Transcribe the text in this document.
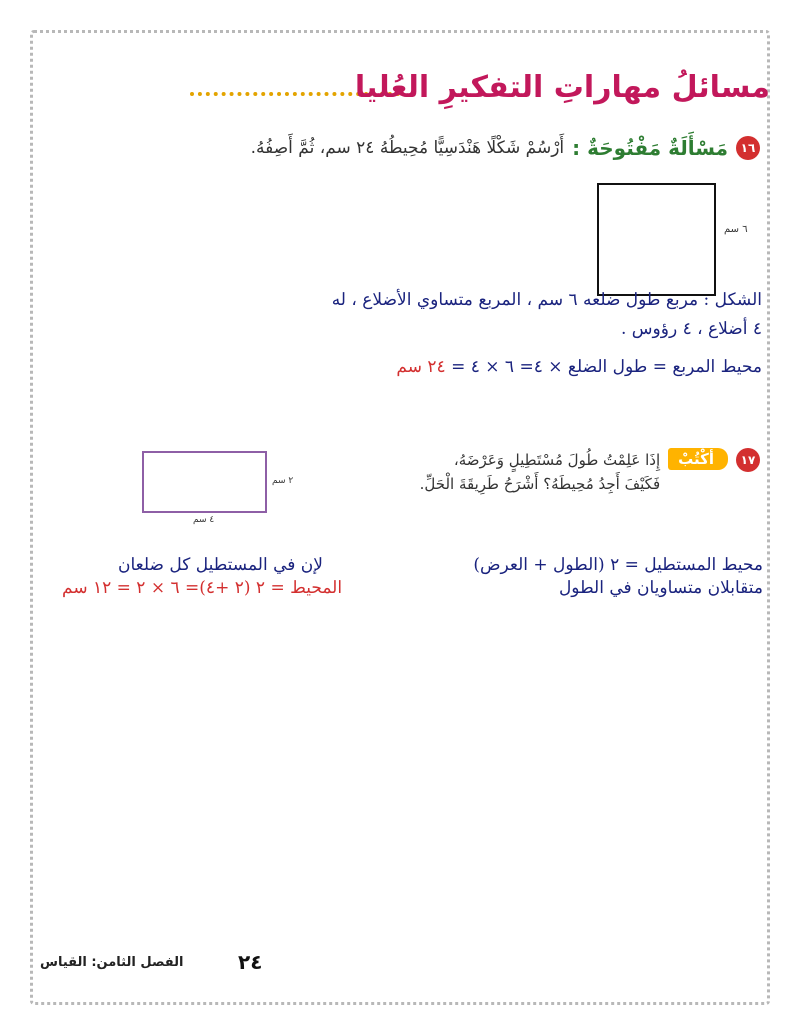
مسائلُ مهاراتِ التفكيرِ العُليا
١٦
مَسْأَلَةٌ مَفْتُوحَةٌ :
أَرْسُمْ شَكْلًا هَنْدَسِيًّا مُحِيطُهُ ٢٤ سم، ثُمَّ أَصِفُهُ.
٦ سم
الشكل : مربع طول ضلعه ٦ سم ، المربع متساوي الأضلاع ، له
٤ أضلاع ، ٤ رؤوس .
محيط المربع = طول الضلع × ٤= ٦ × ٤ = ٢٤ سم
١٧
أكْتُبْ
إِذَا عَلِمْتُ طُولَ مُسْتَطِيلٍ وَعَرْضَهُ،
فَكَيْفَ أَجِدُ مُحِيطَهُ؟ أَشْرَحُ طَرِيقَةَ الْحَلِّ.
٢ سم
٤ سم
محيط المستطيل = ٢ (الطول + العرض)
متقابلان متساويان في الطول
لإن في المستطيل كل ضلعان
المحيط = ٢ (٢ +٤)= ٦ × ٢ = ١٢ سم
٢٤
الفصل الثامن: القياس
